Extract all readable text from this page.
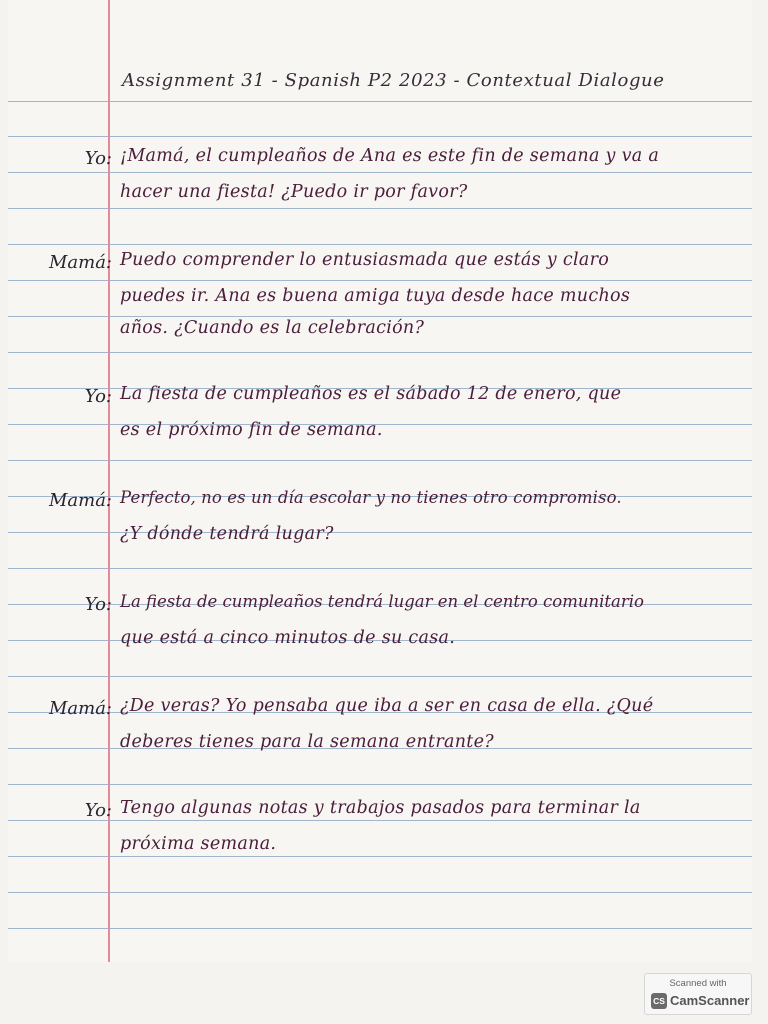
Assignment 31 - Spanish P2 2023 - Contextual Dialogue
Yo: ¡Mamá, el cumpleaños de Ana es este fin de semana y va a
hacer una fiesta! ¿Puedo ir por favor?
Mamá: Puedo comprender lo entusiasmada que estás y claro
puedes ir. Ana es buena amiga tuya desde hace muchos
años. ¿Cuando es la celebración?
Yo: La fiesta de cumpleaños es el sábado 12 de enero, que
es el próximo fin de semana.
Mamá: Perfecto, no es un día escolar y no tienes otro compromiso.
¿Y dónde tendrá lugar?
Yo: La fiesta de cumpleaños tendrá lugar en el centro comunitario
que está a cinco minutos de su casa.
Mamá: ¿De veras? Yo pensaba que iba a ser en casa de ella. ¿Qué
deberes tienes para la semana entrante?
Yo: Tengo algunas notas y trabajos pasados para terminar la
próxima semana.
Scanned with
CS CamScanner
